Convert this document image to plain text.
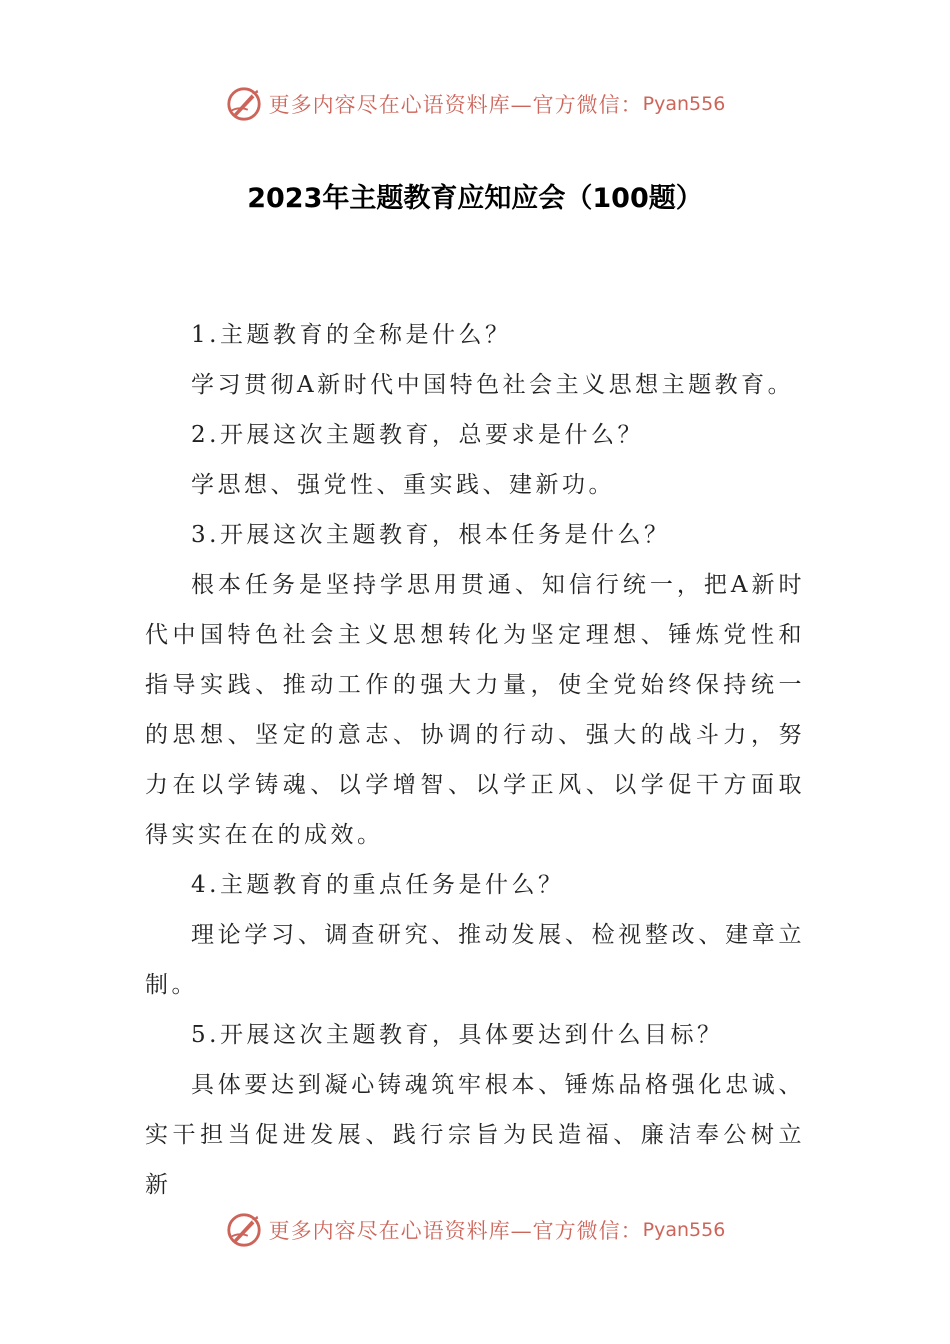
更多内容尽在心语资料库—官方微信： Pyan556
2023年主题教育应知应会（100题）

1.主题教育的全称是什么？

学习贯彻A新时代中国特色社会主义思想主题教育。

2.开展这次主题教育，总要求是什么？

学思想、强党性、重实践、建新功。

3.开展这次主题教育，根本任务是什么？

根本任务是坚持学思用贯通、知信行统一，把A新时代中国特色社会主义思想转化为坚定理想、锤炼党性和指导实践、推动工作的强大力量，使全党始终保持统一的思想、坚定的意志、协调的行动、强大的战斗力，努力在以学铸魂、以学增智、以学正风、以学促干方面取得实实在在的成效。

4.主题教育的重点任务是什么？

理论学习、调查研究、推动发展、检视整改、建章立制。

5.开展这次主题教育，具体要达到什么目标？

具体要达到凝心铸魂筑牢根本、锤炼品格强化忠诚、实干担当促进发展、践行宗旨为民造福、廉洁奉公树立新

更多内容尽在心语资料库—官方微信： Pyan556
